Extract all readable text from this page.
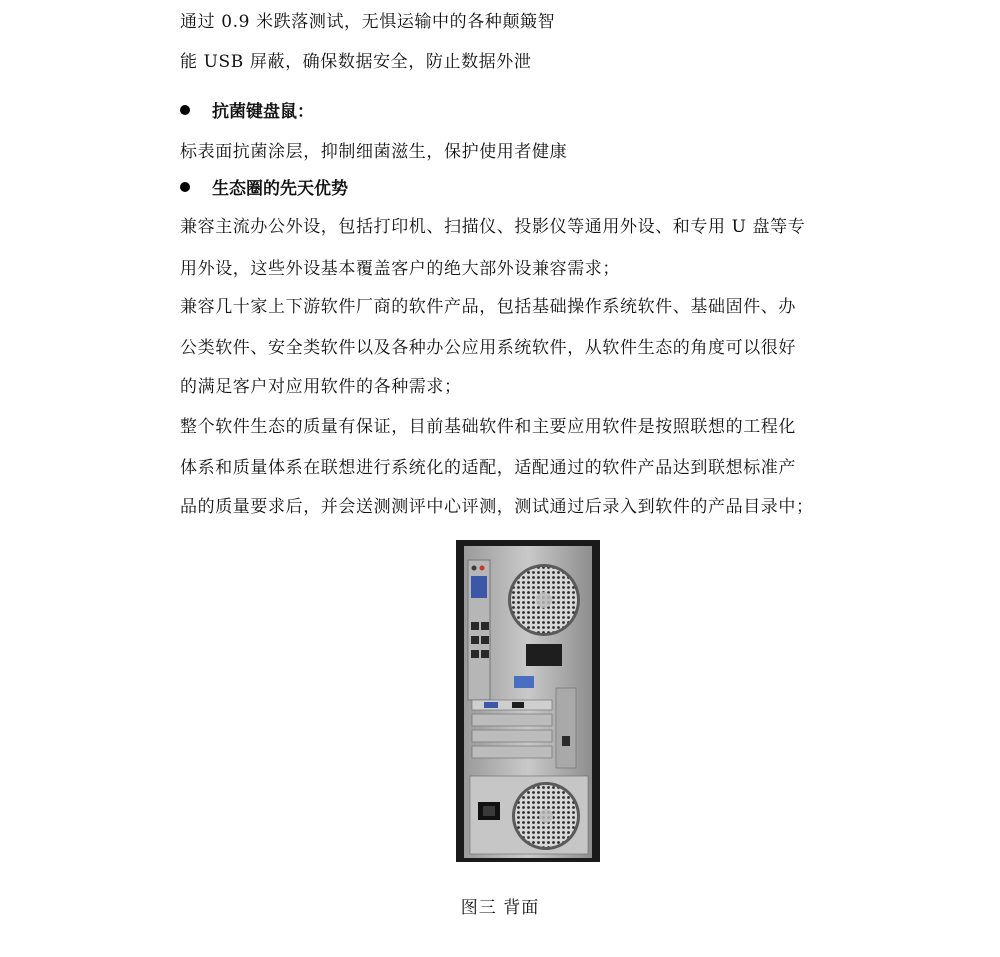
通过 0.9 米跌落测试，无惧运输中的各种颠簸智
能 USB 屏蔽，确保数据安全，防止数据外泄
抗菌键盘鼠：
标表面抗菌涂层，抑制细菌滋生，保护使用者健康
生态圈的先天优势
兼容主流办公外设，包括打印机、扫描仪、投影仪等通用外设、和专用 U 盘等专
用外设，这些外设基本覆盖客户的绝大部外设兼容需求；
兼容几十家上下游软件厂商的软件产品，包括基础操作系统软件、基础固件、办
公类软件、安全类软件以及各种办公应用系统软件，从软件生态的角度可以很好
的满足客户对应用软件的各种需求；
整个软件生态的质量有保证，目前基础软件和主要应用软件是按照联想的工程化
体系和质量体系在联想进行系统化的适配，适配通过的软件产品达到联想标准产
品的质量要求后，并会送测测评中心评测，测试通过后录入到软件的产品目录中；
图三 背面
